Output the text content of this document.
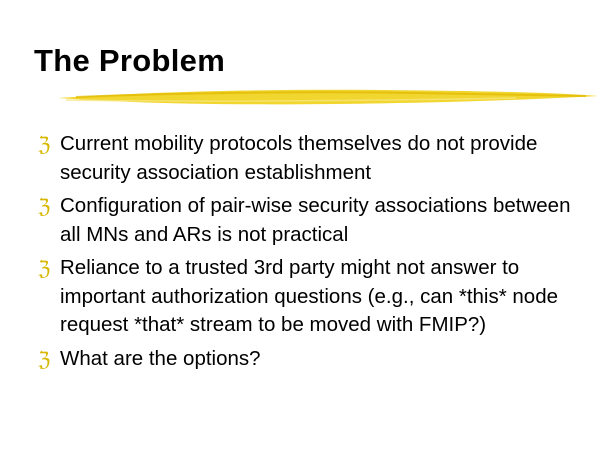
The Problem
ℨ Current mobility protocols themselves do not provide security association establishment
ℨ Configuration of pair-wise security associations between all MNs and ARs is not practical
ℨ Reliance to a trusted 3rd party might not answer to important authorization questions (e.g., can *this* node request *that* stream to be moved with FMIP?)
ℨ What are the options?
